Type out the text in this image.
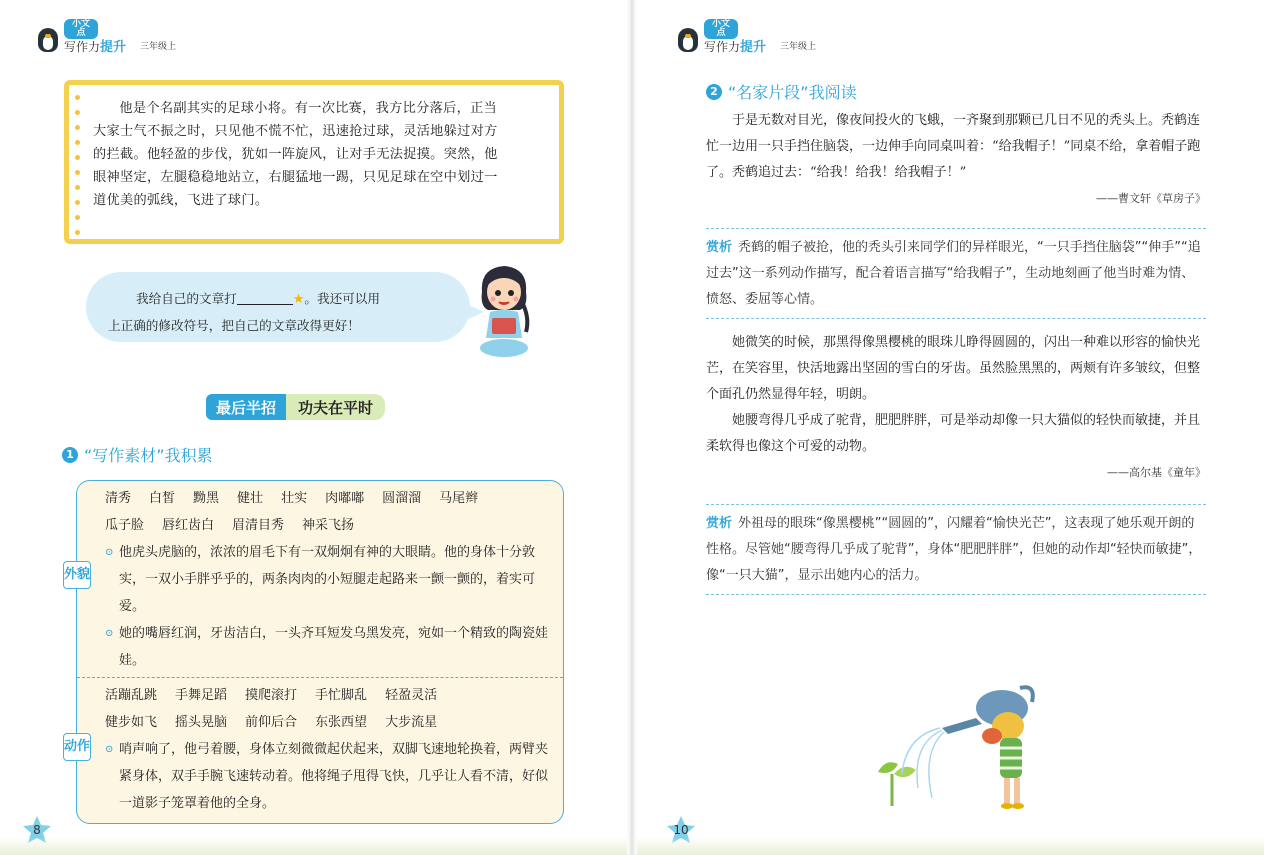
小文点
写作力提升 三年级上
他是个名副其实的足球小将。有一次比赛，我方比分落后，正当
大家士气不振之时，只见他不慌不忙，迅速抢过球，灵活地躲过对方
的拦截。他轻盈的步伐，犹如一阵旋风，让对手无法捉摸。突然，他
眼神坚定，左腿稳稳地站立，右腿猛地一踢，只见足球在空中划过一
道优美的弧线，飞进了球门。

我给自己的文章打	★。我还可以用

上正确的修改符号，把自己的文章改得更好！

最后半招	功夫在平时
1 “写作素材”我积累
外貌
清秀 白皙 黝黑 健壮 壮实 肉嘟嘟 圆溜溜 马尾辫
瓜子脸 唇红齿白 眉清目秀 神采飞扬
⊙ 他虎头虎脑的，浓浓的眉毛下有一双炯炯有神的大眼睛。他的身体十分敦实，一双小手胖乎乎的，两条肉肉的小短腿走起路来一颤一颤的，着实可爱。
⊙ 她的嘴唇红润，牙齿洁白，一头齐耳短发乌黑发亮，宛如一个精致的陶瓷娃娃。
动作
活蹦乱跳 手舞足蹈 摸爬滚打 手忙脚乱 轻盈灵活
健步如飞 摇头晃脑 前仰后合 东张西望 大步流星
⊙ 哨声响了，他弓着腰，身体立刻微微起伏起来，双脚飞速地轮换着，两臂夹紧身体，双手手腕飞速转动着。他将绳子甩得飞快，几乎让人看不清，好似一道影子笼罩着他的全身。
8
小文点
写作力提升 三年级上
2 “名家片段”我阅读
于是无数对目光，像夜间投火的飞蛾，一齐聚到那颗已几日不见的秃头上。秃鹤连忙一边用一只手挡住脑袋，一边伸手向同桌叫着：“给我帽子！”同桌不给，拿着帽子跑了。秃鹤追过去：“给我！给我！给我帽子！”
——曹文轩《草房子》
赏析 秃鹤的帽子被抢，他的秃头引来同学们的异样眼光，“一只手挡住脑袋”“伸手”“追过去”这一系列动作描写，配合着语言描写“给我帽子”，生动地刻画了他当时难为情、愤怒、委屈等心情。
她微笑的时候，那黑得像黑樱桃的眼珠儿睁得圆圆的，闪出一种难以形容的愉快光芒，在笑容里，快活地露出坚固的雪白的牙齿。虽然脸黑黑的，两颊有许多皱纹，但整个面孔仍然显得年轻，明朗。
她腰弯得几乎成了驼背，肥肥胖胖，可是举动却像一只大猫似的轻快而敏捷，并且柔软得也像这个可爱的动物。
——高尔基《童年》
赏析 外祖母的眼珠“像黑樱桃”“圆圆的”，闪耀着“愉快光芒”，这表现了她乐观开朗的性格。尽管她“腰弯得几乎成了驼背”，身体“肥肥胖胖”，但她的动作却“轻快而敏捷”，像“一只大猫”，显示出她内心的活力。
10
